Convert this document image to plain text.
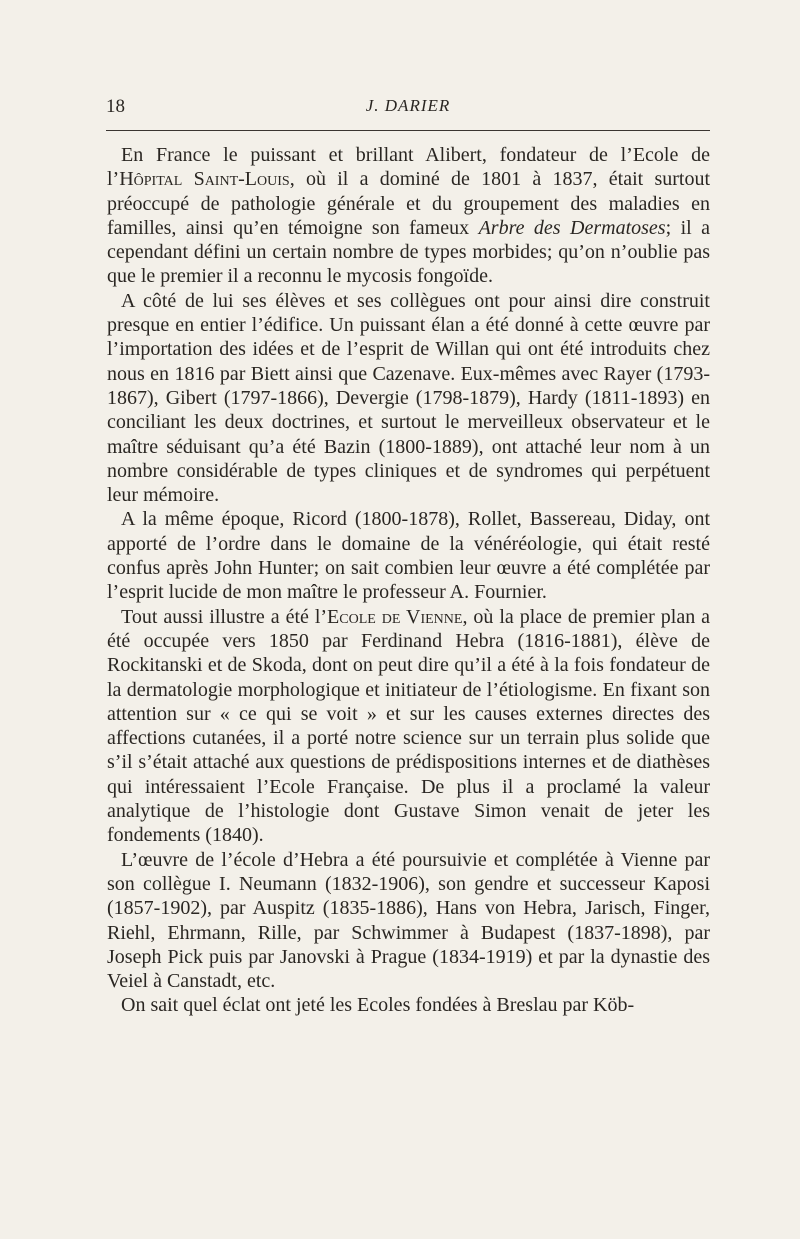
18	J. DARIER

En France le puissant et brillant Alibert, fondateur de l’Ecole de l’Hôpital Saint-Louis, où il a dominé de 1801 à 1837, était surtout préoccupé de pathologie générale et du groupement des maladies en familles, ainsi qu’en témoigne son fameux Arbre des Dermatoses; il a cependant défini un certain nombre de types morbides; qu’on n’oublie pas que le premier il a reconnu le mycosis fongoïde.

A côté de lui ses élèves et ses collègues ont pour ainsi dire construit presque en entier l’édifice. Un puissant élan a été donné à cette œuvre par l’importation des idées et de l’esprit de Willan qui ont été introduits chez nous en 1816 par Biett ainsi que Cazenave. Eux-mêmes avec Rayer (1793-1867), Gibert (1797-1866), Devergie (1798-1879), Hardy (1811-1893) en conciliant les deux doctrines, et surtout le merveilleux observateur et le maître séduisant qu’a été Bazin (1800-1889), ont attaché leur nom à un nombre considérable de types cliniques et de syndromes qui perpétuent leur mémoire.

A la même époque, Ricord (1800-1878), Rollet, Bassereau, Diday, ont apporté de l’ordre dans le domaine de la vénéréologie, qui était resté confus après John Hunter; on sait combien leur œuvre a été complétée par l’esprit lucide de mon maître le professeur A. Fournier.

Tout aussi illustre a été l’Ecole de Vienne, où la place de premier plan a été occupée vers 1850 par Ferdinand Hebra (1816-1881), élève de Rockitanski et de Skoda, dont on peut dire qu’il a été à la fois fondateur de la dermatologie morphologique et initiateur de l’étiologisme. En fixant son attention sur « ce qui se voit » et sur les causes externes directes des affections cutanées, il a porté notre science sur un terrain plus solide que s’il s’était attaché aux questions de prédispositions internes et de diathèses qui intéressaient l’Ecole Française. De plus il a proclamé la valeur analytique de l’histologie dont Gustave Simon venait de jeter les fondements (1840).

L’œuvre de l’école d’Hebra a été poursuivie et complétée à Vienne par son collègue I. Neumann (1832-1906), son gendre et successeur Kaposi (1857-1902), par Auspitz (1835-1886), Hans von Hebra, Jarisch, Finger, Riehl, Ehrmann, Rille, par Schwimmer à Budapest (1837-1898), par Joseph Pick puis par Janovski à Prague (1834-1919) et par la dynastie des Veiel à Canstadt, etc.

On sait quel éclat ont jeté les Ecoles fondées à Breslau par Köb-
